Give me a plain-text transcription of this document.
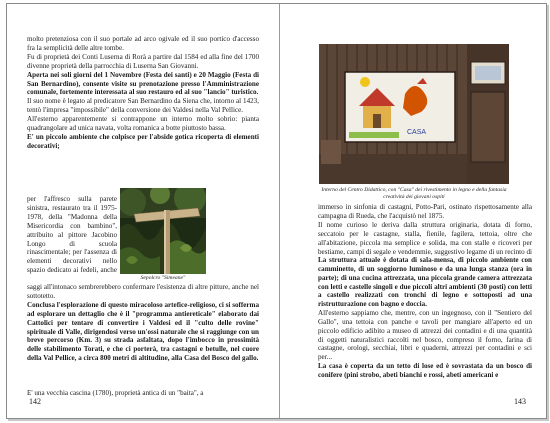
molto pretenziosa con il suo portale ad arco ogivale ed il suo portico d'accesso fra la semplicità delle altre tombe.

Fu di proprietà dei Conti Luserna di Rorà a partire dal 1584 ed alla fine del 1700 divenne proprietà della parrocchia di Luserna San Giovanni.

Aperta nei soli giorni del 1 Novembre (Festa dei santi) e 20 Maggio (Festa di San Bernardino), consente visite su prenotazione presso l'Amministrazione comunale, fortemente interessata al suo restauro ed al suo "lancio" turistico.

Il suo nome è legato al predicatore San Bernardino da Siena che, intorno al 1423, tentò l'impresa "impossibile" della conversione dei Valdesi nella Val Pellice.

All'esterno apparentemente si contrappone un interno molto sobrio: pianta quadrangolare ad unica navata, volta romanica a botte piuttosto bassa.

E' un piccolo ambiente che colpisce per l'abside gotica ricoperta di elementi decorativi;

per l'affresco sulla parete sinistra, restaurato tra il 1975-1978, della "Madonna della Misericordia con bambino", attribuito al pittore Jacobino Longo di scuola rinascimentale; per l'assenza di elementi decorativi nello spazio dedicato ai fedeli, anche

Sepolcro "Simeane"

saggi all'intonaco sembrerebbero confermare l'esistenza di altre pitture, anche nel sottotetto.

Conclusa l'esplorazione di questo miracoloso artefice-religioso, ci si sofferma ad esplorare un dettaglio che è il "programma antiereticale" elaborato dai Cattolici per tentare di convertire i Valdesi ed il "culto delle rovine" spirituale di Valle, dirigendosi verso un'ossi naturale che si raggiunge con un breve percorso (Km. 3) su strada asfaltata, dopo l'imbocco in prossimità delle stabilimento Torati, e che ci porterà, tra castagni e betulle, nel cuore della Val Pellice, a circa 800 metri di altitudine, alla Casa del Bosco del gallo.

E' una vecchia cascina (1780), proprietà antica di un "baita", a

142
CASA
Interno del Centro Didattico, con "Casa" dei rivestimento in legno e della fantasia creatività dei giovani ospiti

immerso in sinfonia di castagni, Potto-Pari, ostinato rispettosamente alla campagna di Rueda, che l'acquistò nel 1875.

Il nome curioso le deriva dalla struttura originaria, dotata di forno, seccatoio per le castagne, stalla, fienile, fagilera, tettoia, oltre che all'abitazione, piccola ma semplice e solida, ma con stalle e ricoveri per bestiame, campi di segale e vendemmie, suggestivo legame di un recinto di

La struttura attuale è dotata di sala-mensa, di piccolo ambiente con camminetto, di un soggiorno luminoso e da una lunga stanza (ora in parte); di una cucina attrezzata, una piccola grande camera attrezzata con letti e castelle singoli e due piccoli altri ambienti (30 posti) con letti a castello realizzati con tronchi di legno e sottoposti ad una ristrutturazione con bagno e doccia.

All'esterno sappiamo che, mentre, con un ingegnoso, con il "Sentiero del Gallo", una tettoia con panche e tavoli per mangiare all'aperto ed un piccolo edificio adibito a museo di attrezzi dei contadini e di una quantità di oggetti naturalistici raccolti nel bosco, compreso il forno, farina di castagne, orologi, secchiai, libri e quaderni, attrezzi per contadini e sci per...

La casa è coperta da un tetto di lose ed è sovrastata da un bosco di conifere (pini strobo, abeti bianchi e rossi, abeti americani e

143
